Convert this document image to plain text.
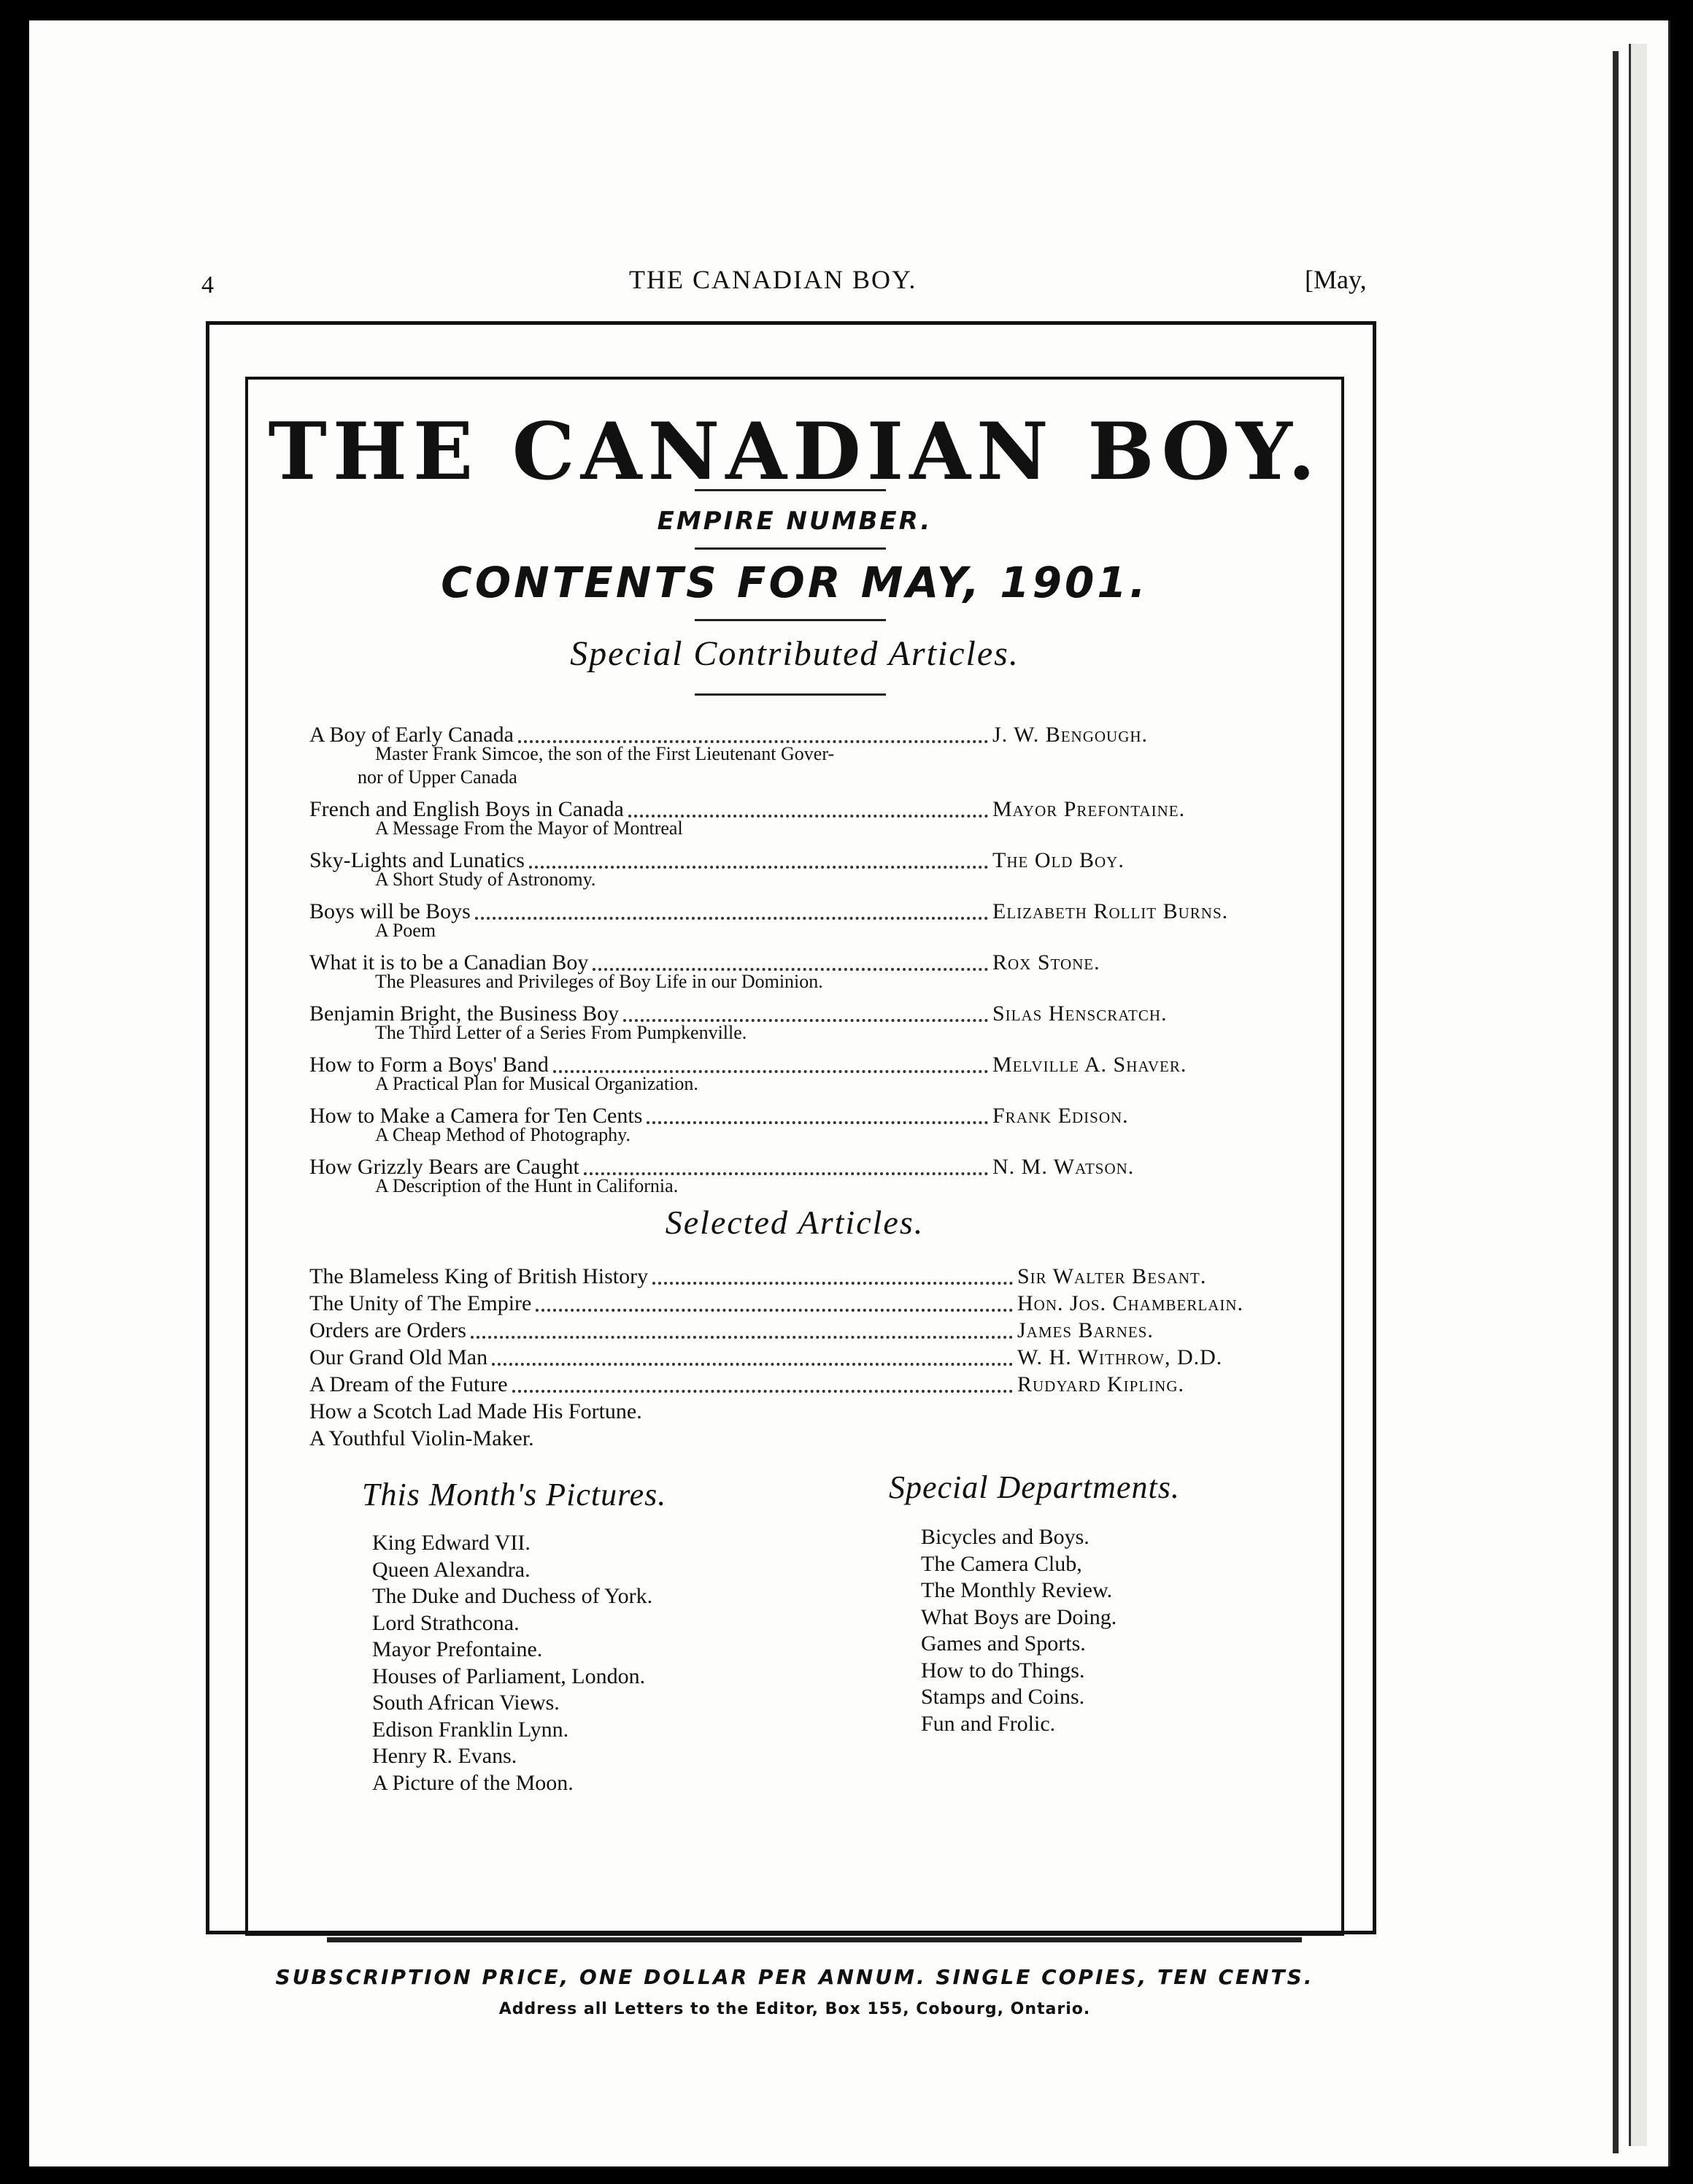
4	THE CANADIAN BOY.	[May,
THE CANADIAN BOY.
EMPIRE NUMBER.
CONTENTS FOR MAY, 1901.
Special Contributed Articles.
A Boy of Early Canada	J. W. Bengough.
Master Frank Simcoe, the son of the First Lieutenant Gover-
nor of Upper Canada
French and English Boys in Canada	Mayor Prefontaine.
A Message From the Mayor of Montreal
Sky-Lights and Lunatics	The Old Boy.
A Short Study of Astronomy.
Boys will be Boys	Elizabeth Rollit Burns.
A Poem
What it is to be a Canadian Boy	Rox Stone.
The Pleasures and Privileges of Boy Life in our Dominion.
Benjamin Bright, the Business Boy	Silas Henscratch.
The Third Letter of a Series From Pumpkenville.
How to Form a Boys' Band	Melville A. Shaver.
A Practical Plan for Musical Organization.
How to Make a Camera for Ten Cents	Frank Edison.
A Cheap Method of Photography.
How Grizzly Bears are Caught	N. M. Watson.
A Description of the Hunt in California.
Selected Articles.
The Blameless King of British History	Sir Walter Besant.
The Unity of The Empire	Hon. Jos. Chamberlain.
Orders are Orders	James Barnes.
Our Grand Old Man	W. H. Withrow, D.D.
A Dream of the Future	Rudyard Kipling.
How a Scotch Lad Made His Fortune.
A Youthful Violin-Maker.
This Month's Pictures.
King Edward VII.
Queen Alexandra.
The Duke and Duchess of York.
Lord Strathcona.
Mayor Prefontaine.
Houses of Parliament, London.
South African Views.
Edison Franklin Lynn.
Henry R. Evans.
A Picture of the Moon.
Special Departments.
Bicycles and Boys.
The Camera Club,
The Monthly Review.
What Boys are Doing.
Games and Sports.
How to do Things.
Stamps and Coins.
Fun and Frolic.
SUBSCRIPTION PRICE, ONE DOLLAR PER ANNUM. SINGLE COPIES, TEN CENTS.
Address all Letters to the Editor, Box 155, Cobourg, Ontario.
